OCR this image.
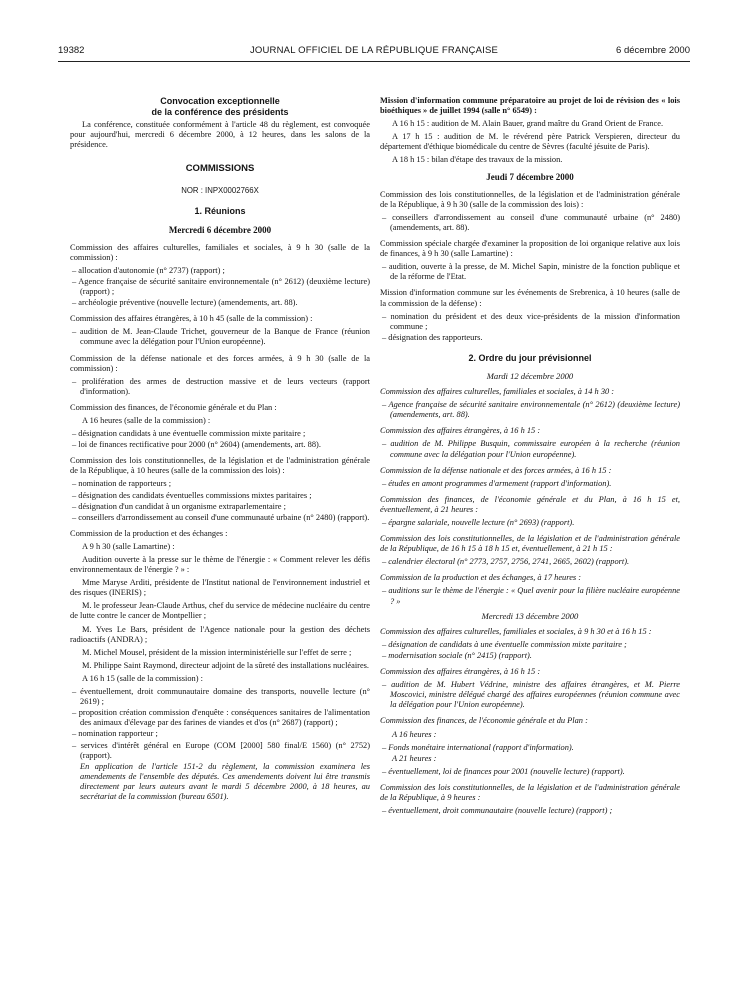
19382	JOURNAL OFFICIEL DE LA RÉPUBLIQUE FRANÇAISE	6 décembre 2000
Convocation exceptionnelle
de la conférence des présidents

La conférence, constituée conformément à l'article 48 du règlement, est convoquée pour aujourd'hui, mercredi 6 décembre 2000, à 12 heures, dans les salons de la présidence.

COMMISSIONS
NOR : INPX0002766X
1. Réunions
Mercredi 6 décembre 2000

Commission des affaires culturelles, familiales et sociales, à 9 h 30 (salle de la commission) :

– allocation d'autonomie (n° 2737) (rapport) ;

– Agence française de sécurité sanitaire environnementale (n° 2612) (deuxième lecture) (rapport) ;

– archéologie préventive (nouvelle lecture) (amendements, art. 88).

Commission des affaires étrangères, à 10 h 45 (salle de la commission) :

– audition de M. Jean-Claude Trichet, gouverneur de la Banque de France (réunion commune avec la délégation pour l'Union européenne).

Commission de la défense nationale et des forces armées, à 9 h 30 (salle de la commission) :

– prolifération des armes de destruction massive et de leurs vecteurs (rapport d'information).

Commission des finances, de l'économie générale et du Plan :

A 16 heures (salle de la commission) :

– désignation candidats à une éventuelle commission mixte paritaire ;

– loi de finances rectificative pour 2000 (n° 2604) (amendements, art. 88).

Commission des lois constitutionnelles, de la législation et de l'administration générale de la République, à 10 heures (salle de la commission des lois) :

– nomination de rapporteurs ;

– désignation des candidats éventuelles commissions mixtes paritaires ;

– désignation d'un candidat à un organisme extraparlementaire ;

– conseillers d'arrondissement au conseil d'une communauté urbaine (n° 2480) (rapport).

Commission de la production et des échanges :

A 9 h 30 (salle Lamartine) :

Audition ouverte à la presse sur le thème de l'énergie : « Comment relever les défis environnementaux de l'énergie ? » :

Mme Maryse Arditi, présidente de l'Institut national de l'environnement industriel et des risques (INERIS) ;

M. le professeur Jean-Claude Arthus, chef du service de médecine nucléaire du centre de lutte contre le cancer de Montpellier ;

M. Yves Le Bars, président de l'Agence nationale pour la gestion des déchets radioactifs (ANDRA) ;

M. Michel Mousel, président de la mission interministérielle sur l'effet de serre ;

M. Philippe Saint Raymond, directeur adjoint de la sûreté des installations nucléaires.

A 16 h 15 (salle de la commission) :

– éventuellement, droit communautaire domaine des transports, nouvelle lecture (n° 2619) ;

– proposition création commission d'enquête : conséquences sanitaires de l'alimentation des animaux d'élevage par des farines de viandes et d'os (n° 2687) (rapport) ;

– nomination rapporteur ;

– services d'intérêt général en Europe (COM [2000] 580 final/E 1560) (n° 2752) (rapport).

En application de l'article 151-2 du règlement, la commission examinera les amendements de l'ensemble des députés. Ces amendements doivent lui être transmis directement par leurs auteurs avant le mardi 5 décembre 2000, à 18 heures, au secrétariat de la commission (bureau 6501).

Mission d'information commune préparatoire au projet de loi de révision des « lois bioéthiques » de juillet 1994 (salle n° 6549) :

A 16 h 15 : audition de M. Alain Bauer, grand maître du Grand Orient de France.

A 17 h 15 : audition de M. le révérend père Patrick Verspieren, directeur du département d'éthique biomédicale du centre de Sèvres (faculté jésuite de Paris).

A 18 h 15 : bilan d'étape des travaux de la mission.

Jeudi 7 décembre 2000

Commission des lois constitutionnelles, de la législation et de l'administration générale de la République, à 9 h 30 (salle de la commission des lois) :

– conseillers d'arrondissement au conseil d'une communauté urbaine (n° 2480) (amendements, art. 88).

Commission spéciale chargée d'examiner la proposition de loi organique relative aux lois de finances, à 9 h 30 (salle Lamartine) :

– audition, ouverte à la presse, de M. Michel Sapin, ministre de la fonction publique et de la réforme de l'Etat.

Mission d'information commune sur les événements de Srebrenica, à 10 heures (salle de la commission de la défense) :

– nomination du président et des deux vice-présidents de la mission d'information commune ;

– désignation des rapporteurs.

2. Ordre du jour prévisionnel
Mardi 12 décembre 2000

Commission des affaires culturelles, familiales et sociales, à 14 h 30 :

– Agence française de sécurité sanitaire environnementale (n° 2612) (deuxième lecture) (amendements, art. 88).

Commission des affaires étrangères, à 16 h 15 :

– audition de M. Philippe Busquin, commissaire européen à la recherche (réunion commune avec la délégation pour l'Union européenne).

Commission de la défense nationale et des forces armées, à 16 h 15 :

– études en amont programmes d'armement (rapport d'information).

Commission des finances, de l'économie générale et du Plan, à 16 h 15 et, éventuellement, à 21 heures :

– épargne salariale, nouvelle lecture (n° 2693) (rapport).

Commission des lois constitutionnelles, de la législation et de l'administration générale de la République, de 16 h 15 à 18 h 15 et, éventuellement, à 21 h 15 :

– calendrier électoral (n° 2773, 2757, 2756, 2741, 2665, 2602) (rapport).

Commission de la production et des échanges, à 17 heures :

– auditions sur le thème de l'énergie : « Quel avenir pour la filière nucléaire européenne ? »

Mercredi 13 décembre 2000

Commission des affaires culturelles, familiales et sociales, à 9 h 30 et à 16 h 15 :

– désignation de candidats à une éventuelle commission mixte paritaire ;

– modernisation sociale (n° 2415) (rapport).

Commission des affaires étrangères, à 16 h 15 :

– audition de M. Hubert Védrine, ministre des affaires étrangères, et M. Pierre Moscovici, ministre délégué chargé des affaires européennes (réunion commune avec la délégation pour l'Union européenne).

Commission des finances, de l'économie générale et du Plan :

A 16 heures :

– Fonds monétaire international (rapport d'information).

A 21 heures :

– éventuellement, loi de finances pour 2001 (nouvelle lecture) (rapport).

Commission des lois constitutionnelles, de la législation et de l'administration générale de la République, à 9 heures :

– éventuellement, droit communautaire (nouvelle lecture) (rapport) ;
